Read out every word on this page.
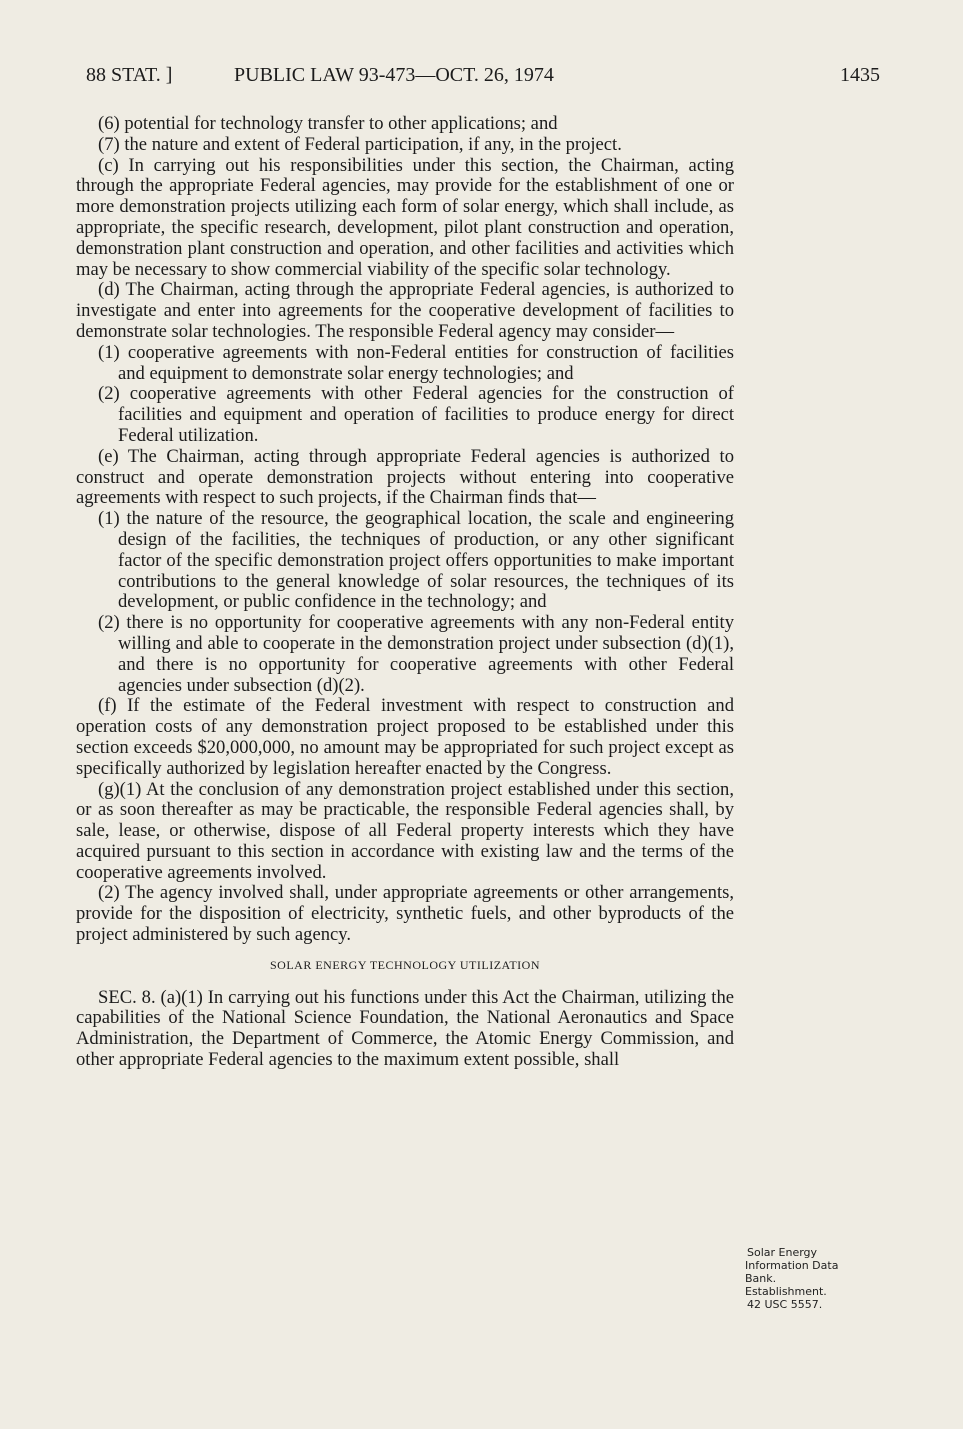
88 STAT. ]	PUBLIC LAW 93-473—OCT. 26, 1974	1435

(6) potential for technology transfer to other applications; and

(7) the nature and extent of Federal participation, if any, in the project.

(c) In carrying out his responsibilities under this section, the Chairman, acting through the appropriate Federal agencies, may provide for the establishment of one or more demonstration projects utilizing each form of solar energy, which shall include, as appropriate, the specific research, development, pilot plant construction and operation, demonstration plant construction and operation, and other facilities and activities which may be necessary to show commercial viability of the specific solar technology.

(d) The Chairman, acting through the appropriate Federal agencies, is authorized to investigate and enter into agreements for the cooperative development of facilities to demonstrate solar technologies. The responsible Federal agency may consider—

(1) cooperative agreements with non-Federal entities for construction of facilities and equipment to demonstrate solar energy technologies; and

(2) cooperative agreements with other Federal agencies for the construction of facilities and equipment and operation of facilities to produce energy for direct Federal utilization.

(e) The Chairman, acting through appropriate Federal agencies is authorized to construct and operate demonstration projects without entering into cooperative agreements with respect to such projects, if the Chairman finds that—

(1) the nature of the resource, the geographical location, the scale and engineering design of the facilities, the techniques of production, or any other significant factor of the specific demonstration project offers opportunities to make important contributions to the general knowledge of solar resources, the techniques of its development, or public confidence in the technology; and

(2) there is no opportunity for cooperative agreements with any non-Federal entity willing and able to cooperate in the demonstration project under subsection (d)(1), and there is no opportunity for cooperative agreements with other Federal agencies under subsection (d)(2).

(f) If the estimate of the Federal investment with respect to construction and operation costs of any demonstration project proposed to be established under this section exceeds $20,000,000, no amount may be appropriated for such project except as specifically authorized by legislation hereafter enacted by the Congress.

(g)(1) At the conclusion of any demonstration project established under this section, or as soon thereafter as may be practicable, the responsible Federal agencies shall, by sale, lease, or otherwise, dispose of all Federal property interests which they have acquired pursuant to this section in accordance with existing law and the terms of the cooperative agreements involved.

(2) The agency involved shall, under appropriate agreements or other arrangements, provide for the disposition of electricity, synthetic fuels, and other byproducts of the project administered by such agency.

SOLAR ENERGY TECHNOLOGY UTILIZATION

SEC. 8. (a)(1) In carrying out his functions under this Act the Chairman, utilizing the capabilities of the National Science Foundation, the National Aeronautics and Space Administration, the Department of Commerce, the Atomic Energy Commission, and other appropriate Federal agencies to the maximum extent possible, shall

Solar Energy
Information Data
Bank.
Establishment.
42 USC 5557.
